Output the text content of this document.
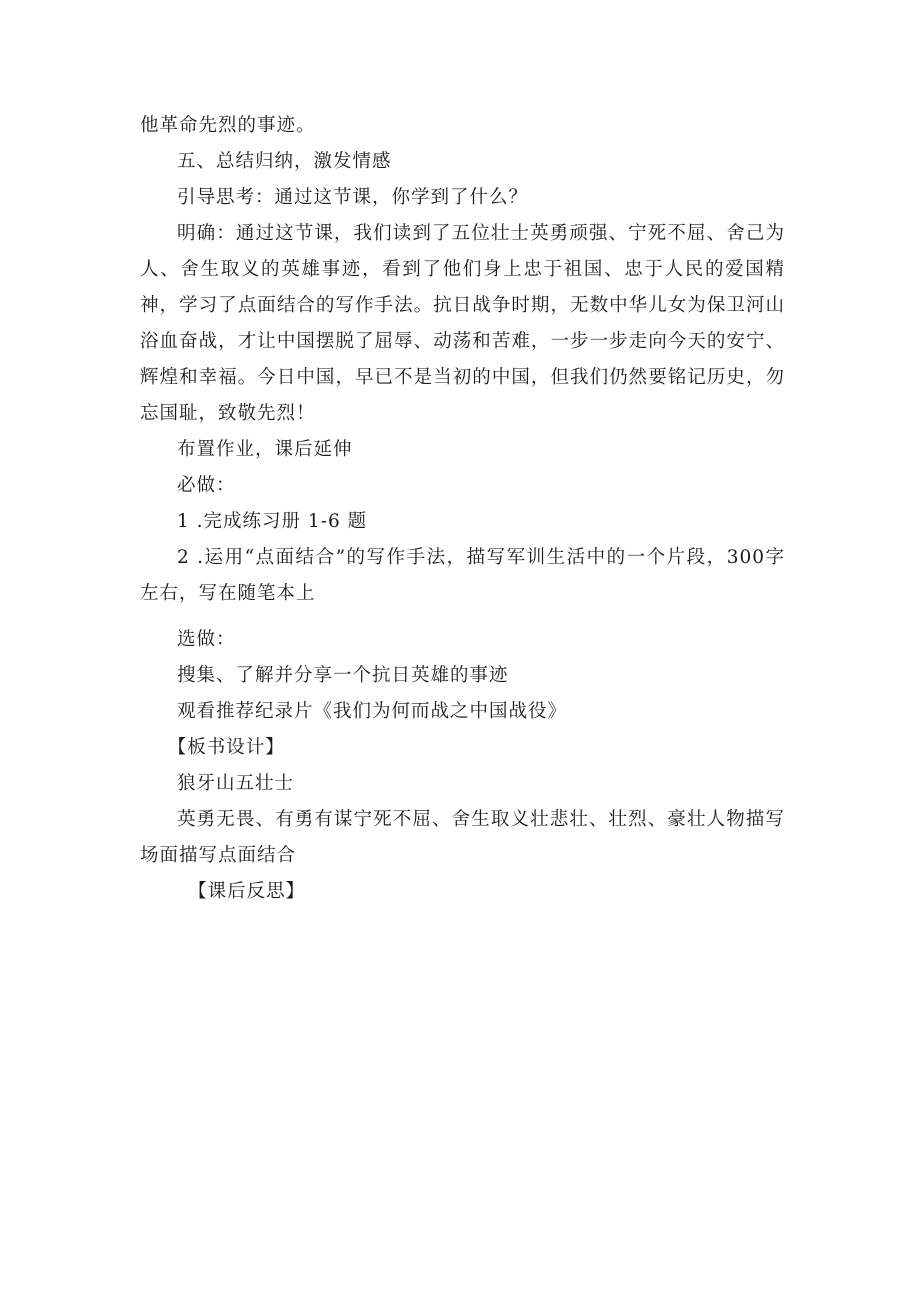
他革命先烈的事迹。

五、总结归纳，激发情感

引导思考：通过这节课，你学到了什么？

明确：通过这节课，我们读到了五位壮士英勇顽强、宁死不屈、舍己为人、舍生取义的英雄事迹，看到了他们身上忠于祖国、忠于人民的爱国精神，学习了点面结合的写作手法。抗日战争时期，无数中华儿女为保卫河山浴血奋战，才让中国摆脱了屈辱、动荡和苦难，一步一步走向今天的安宁、辉煌和幸福。今日中国，早已不是当初的中国，但我们仍然要铭记历史，勿忘国耻，致敬先烈！

布置作业，课后延伸

必做：

1 .完成练习册 1-6 题

2 .运用“点面结合”的写作手法，描写军训生活中的一个片段，300字左右，写在随笔本上

选做：

搜集、了解并分享一个抗日英雄的事迹

观看推荐纪录片《我们为何而战之中国战役》

【板书设计】

狼牙山五壮士

英勇无畏、有勇有谋宁死不屈、舍生取义壮悲壮、壮烈、豪壮人物描写场面描写点面结合

【课后反思】
